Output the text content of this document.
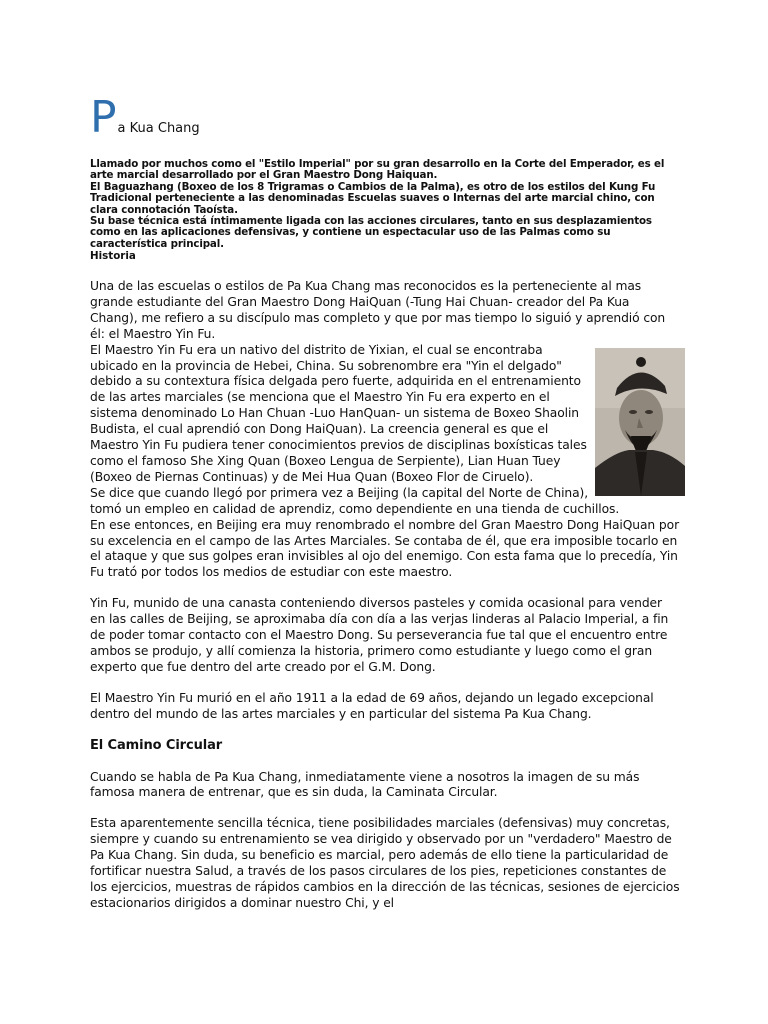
Pa Kua Chang

Llamado por muchos como el "Estilo Imperial" por su gran desarrollo en la Corte del Emperador, es el arte marcial desarrollado por el Gran Maestro Dong Haiquan.

El Baguazhang (Boxeo de los 8 Trigramas o Cambios de la Palma), es otro de los estilos del Kung Fu Tradicional perteneciente a las denominadas Escuelas suaves o Internas del arte marcial chino, con clara connotación Taoísta.

Su base técnica está íntimamente ligada con las acciones circulares, tanto en sus desplazamientos como en las aplicaciones defensivas, y contiene un espectacular uso de las Palmas como su característica principal.

Historia

Una de las escuelas o estilos de Pa Kua Chang mas reconocidos es la perteneciente al mas grande estudiante del Gran Maestro Dong HaiQuan (-Tung Hai Chuan- creador del Pa Kua Chang), me refiero a su discípulo mas completo y que por mas tiempo lo siguió y aprendió con él: el Maestro Yin Fu.

El Maestro Yin Fu era un nativo del distrito de Yixian, el cual se encontraba ubicado en la provincia de Hebei, China. Su sobrenombre era "Yin el delgado" debido a su contextura física delgada pero fuerte, adquirida en el entrenamiento de las artes marciales (se menciona que el Maestro Yin Fu era experto en el sistema denominado Lo Han Chuan -Luo HanQuan- un sistema de Boxeo Shaolin Budista, el cual aprendió con Dong HaiQuan). La creencia general es que el Maestro Yin Fu pudiera tener conocimientos previos de disciplinas boxísticas tales como el famoso She Xing Quan (Boxeo Lengua de Serpiente), Lian Huan Tuey (Boxeo de Piernas Continuas) y de Mei Hua Quan (Boxeo Flor de Ciruelo).

Se dice que cuando llegó por primera vez a Beijing (la capital del Norte de China), tomó un empleo en calidad de aprendiz, como dependiente en una tienda de cuchillos.

En ese entonces, en Beijing era muy renombrado el nombre del Gran Maestro Dong HaiQuan por su excelencia en el campo de las Artes Marciales. Se contaba de él, que era imposible tocarlo en el ataque y que sus golpes eran invisibles al ojo del enemigo. Con esta fama que lo precedía, Yin Fu trató por todos los medios de estudiar con este maestro.

Yin Fu, munido de una canasta conteniendo diversos pasteles y comida ocasional para vender en las calles de Beijing, se aproximaba día con día a las verjas linderas al Palacio Imperial, a fin de poder tomar contacto con el Maestro Dong. Su perseverancia fue tal que el encuentro entre ambos se produjo, y allí comienza la historia, primero como estudiante y luego como el gran experto que fue dentro del arte creado por el G.M. Dong.

El Maestro Yin Fu murió en el año 1911 a la edad de 69 años, dejando un legado excepcional dentro del mundo de las artes marciales y en particular del sistema Pa Kua Chang.

El Camino Circular

Cuando se habla de Pa Kua Chang, inmediatamente viene a nosotros la imagen de su más famosa manera de entrenar, que es sin duda, la Caminata Circular.

Esta aparentemente sencilla técnica, tiene posibilidades marciales (defensivas) muy concretas, siempre y cuando su entrenamiento se vea dirigido y observado por un "verdadero" Maestro de Pa Kua Chang. Sin duda, su beneficio es marcial, pero además de ello tiene la particularidad de fortificar nuestra Salud, a través de los pasos circulares de los pies, repeticiones constantes de los ejercicios, muestras de rápidos cambios en la dirección de las técnicas, sesiones de ejercicios estacionarios dirigidos a dominar nuestro Chi, y el
